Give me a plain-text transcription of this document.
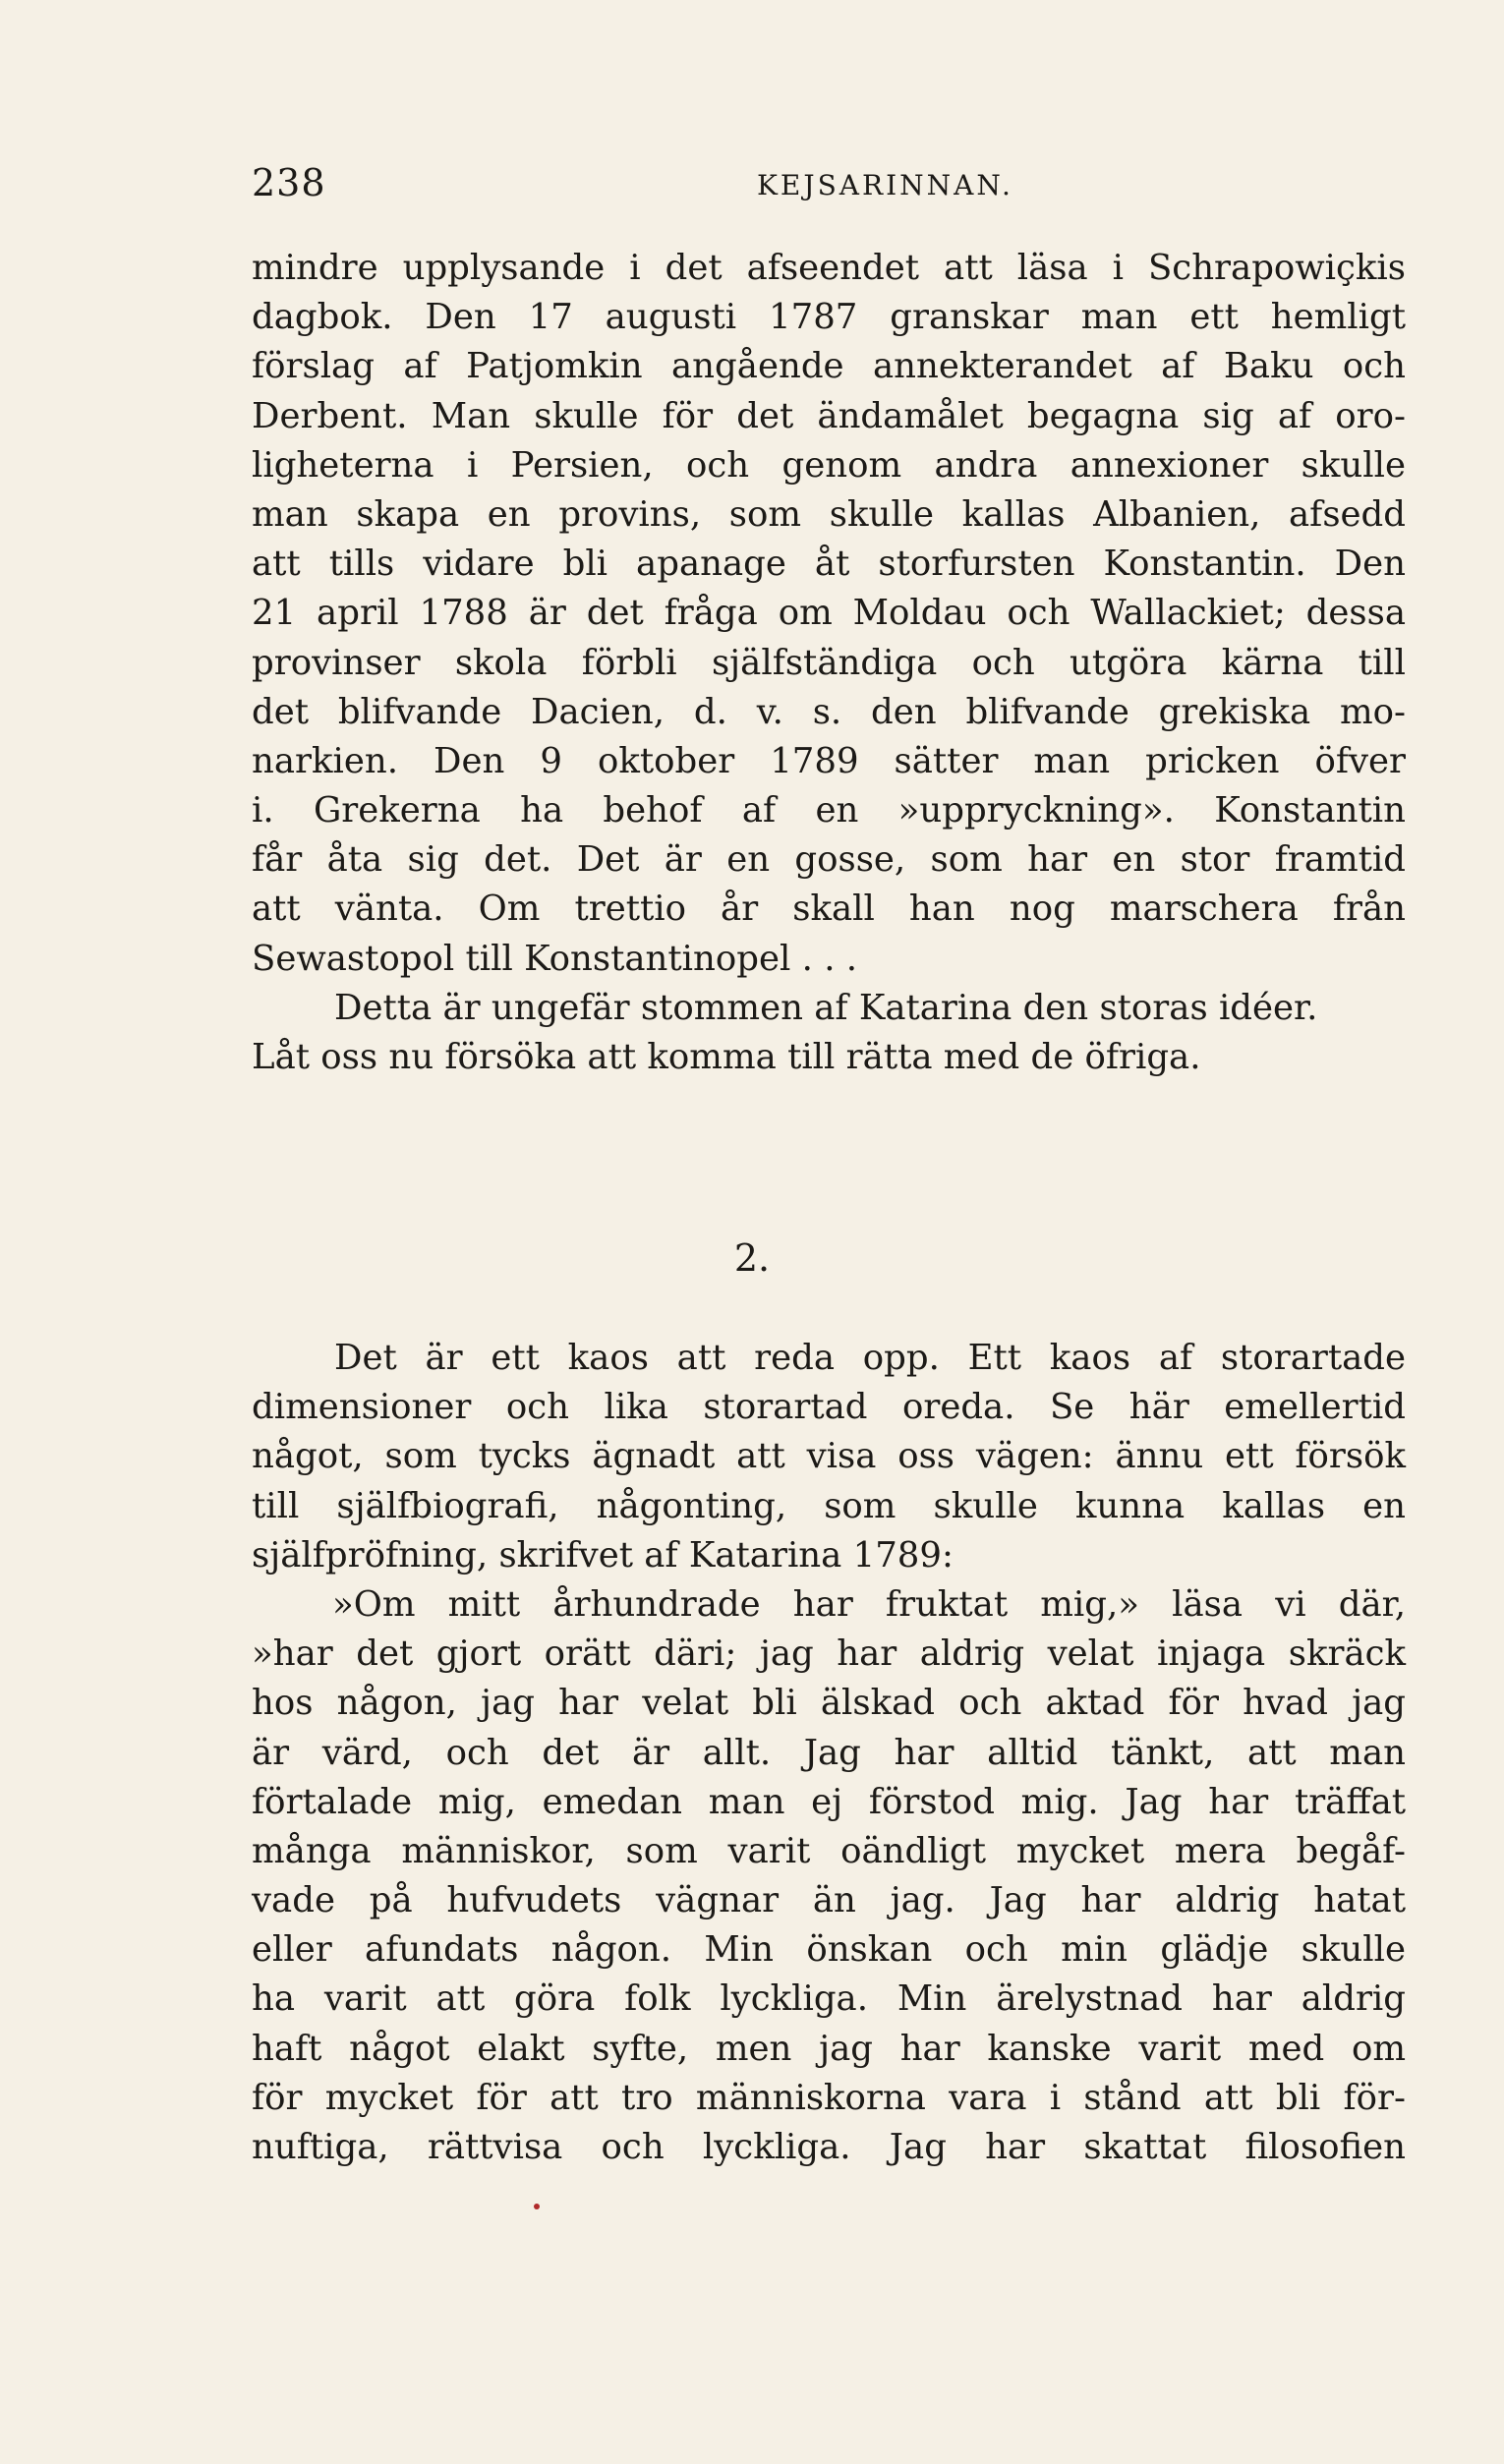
238	KEJSARINNAN.
mindre upplysande i det afseendet att läsa i Schrapowiçkis
dagbok. Den 17 augusti 1787 granskar man ett hemligt
förslag af Patjomkin angående annekterandet af Baku och
Derbent. Man skulle för det ändamålet begagna sig af oro-
ligheterna i Persien, och genom andra annexioner skulle
man skapa en provins, som skulle kallas Albanien, afsedd
att tills vidare bli apanage åt storfursten Konstantin. Den
21 april 1788 är det fråga om Moldau och Wallackiet; dessa
provinser skola förbli själfständiga och utgöra kärna till
det blifvande Dacien, d. v. s. den blifvande grekiska mo-
narkien. Den 9 oktober 1789 sätter man pricken öfver
i. Grekerna ha behof af en »uppryckning». Konstantin
får åta sig det. Det är en gosse, som har en stor framtid
att vänta. Om trettio år skall han nog marschera från
Sewastopol till Konstantinopel . . .
Detta är ungefär stommen af Katarina den storas idéer.
Låt oss nu försöka att komma till rätta med de öfriga.
2.
Det är ett kaos att reda opp. Ett kaos af storartade
dimensioner och lika storartad oreda. Se här emellertid
något, som tycks ägnadt att visa oss vägen: ännu ett försök
till själfbiografi, någonting, som skulle kunna kallas en
själfpröfning, skrifvet af Katarina 1789:
»Om mitt århundrade har fruktat mig,» läsa vi där,
»har det gjort orätt däri; jag har aldrig velat injaga skräck
hos någon, jag har velat bli älskad och aktad för hvad jag
är värd, och det är allt. Jag har alltid tänkt, att man
förtalade mig, emedan man ej förstod mig. Jag har träffat
många människor, som varit oändligt mycket mera begåf-
vade på hufvudets vägnar än jag. Jag har aldrig hatat
eller afundats någon. Min önskan och min glädje skulle
ha varit att göra folk lyckliga. Min ärelystnad har aldrig
haft något elakt syfte, men jag har kanske varit med om
för mycket för att tro människorna vara i stånd att bli för-
nuftiga, rättvisa och lyckliga. Jag har skattat filosofien
